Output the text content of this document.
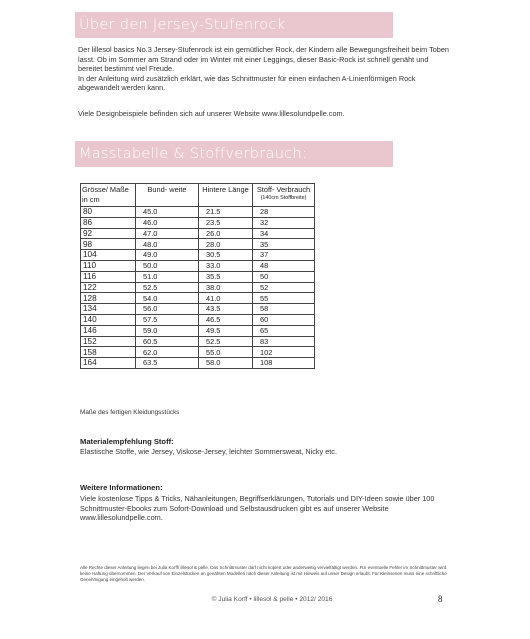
Über den Jersey-Stufenrock

Der lillesol basics No.3 Jersey-Stufenrock ist ein gemütlicher Rock, der Kindern alle Bewegungsfreiheit beim Toben lasst. Ob im Sommer am Strand oder im Winter mit einer Leggings, dieser Basic-Rock ist schnell genäht und bereitet bestimmt viel Freude.

In der Anleitung wird zusätzlich erklärt, wie das Schnittmuster für einen einfachen A-Linienförmigen Rock abgewandelt werden kann.

Viele Designbeispiele befinden sich auf unserer Website www.lillesolundpelle.com.
Masstabelle & Stoffverbrauch:
Grösse/ Maße in cm	Bund- weite	Hintere Länge	Stoff- Verbrauch
(140cm Stoffbreite)

80	45.0	21.5	28
86	46.0	23.5	32
92	47.0	26.0	34
98	48.0	28.0	35
104	49.0	30.5	37
110	50.0	33.0	48
116	51.0	35.5	50
122	52.5	38.0	52
128	54.0	41.0	55
134	56.0	43.5	58
140	57.5	46.5	60
146	59.0	49.5	65
152	60.5	52.5	83
158	62.0	55.0	102
164	63.5	58.0	108
Maße des fertigen Kleidungsstücks
Materialempfehlung Stoff:
Elastische Stoffe, wie Jersey, Viskose-Jersey, leichter Sommersweat, Nicky etc.
Weitere Informationen:
Viele kostenlose Tipps & Tricks, Nähanleitungen, Begriffserklärungen, Tutorials und DIY-Ideen sowie über 100 Schnittmuster-Ebooks zum Sofort-Download und Selbstausdrucken gibt es auf unserer Website www.lillesolundpelle.com.
Alle Rechte dieser Anleitung liegen bei Julia Korff/ lillesol & pelle. Das Schnittmuster darf nicht kopiert oder anderweitig vervielfältigt werden. Für eventuelle Fehler im Schnittmuster wird keine Haftung übernommen. Der Verkauf von Einzelstücken an genähten Modellen nach dieser Anleitung ist mit Hinweis auf unser Design erlaubt. Für Kleinserien muss eine schriftliche Genehmigung eingeholt werden.
© Julia Korff • lillesol & pelle • 2012/ 2016	8
